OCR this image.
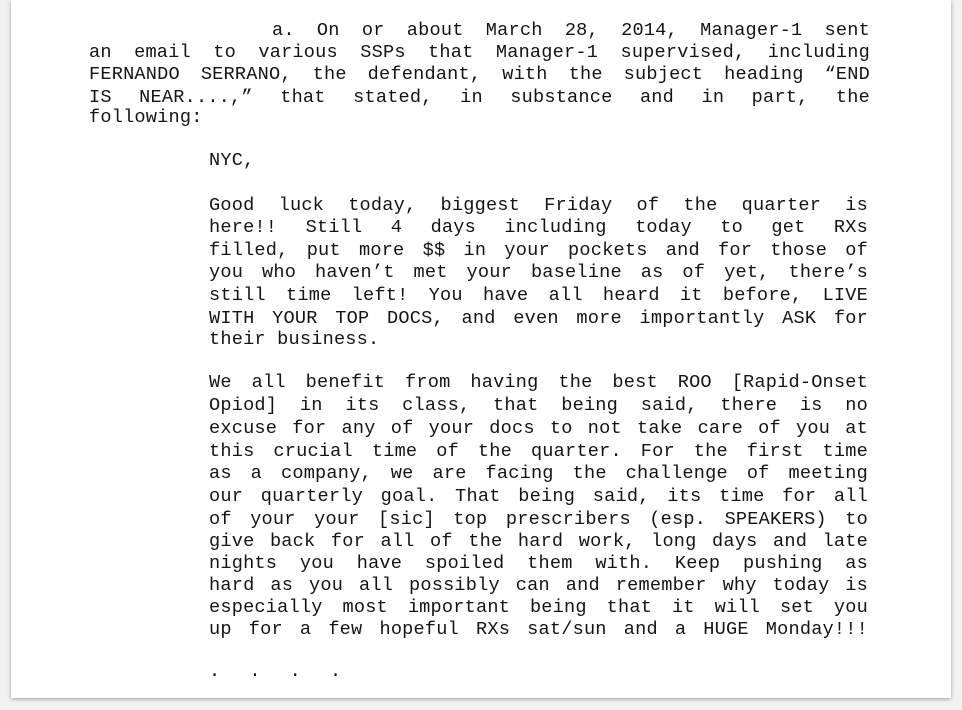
a. On or about March 28, 2014, Manager-1 sent
an email to various SSPs that Manager-1 supervised, including
FERNANDO SERRANO, the defendant, with the subject heading “END
IS NEAR....,” that stated, in substance and in part, the
following:
NYC,
Good luck today, biggest Friday of the quarter is
here!! Still 4 days including today to get RXs
filled, put more $$ in your pockets and for those of
you who haven’t met your baseline as of yet, there’s
still time left! You have all heard it before, LIVE
WITH YOUR TOP DOCS, and even more importantly ASK for
their business.
We all benefit from having the best ROO [Rapid-Onset
Opiod] in its class, that being said, there is no
excuse for any of your docs to not take care of you at
this crucial time of the quarter. For the first time
as a company, we are facing the challenge of meeting
our quarterly goal. That being said, its time for all
of your your [sic] top prescribers (esp. SPEAKERS) to
give back for all of the hard work, long days and late
nights you have spoiled them with. Keep pushing as
hard as you all possibly can and remember why today is
especially most important being that it will set you
up for a few hopeful RXs sat/sun and a HUGE Monday!!!
. . . .
